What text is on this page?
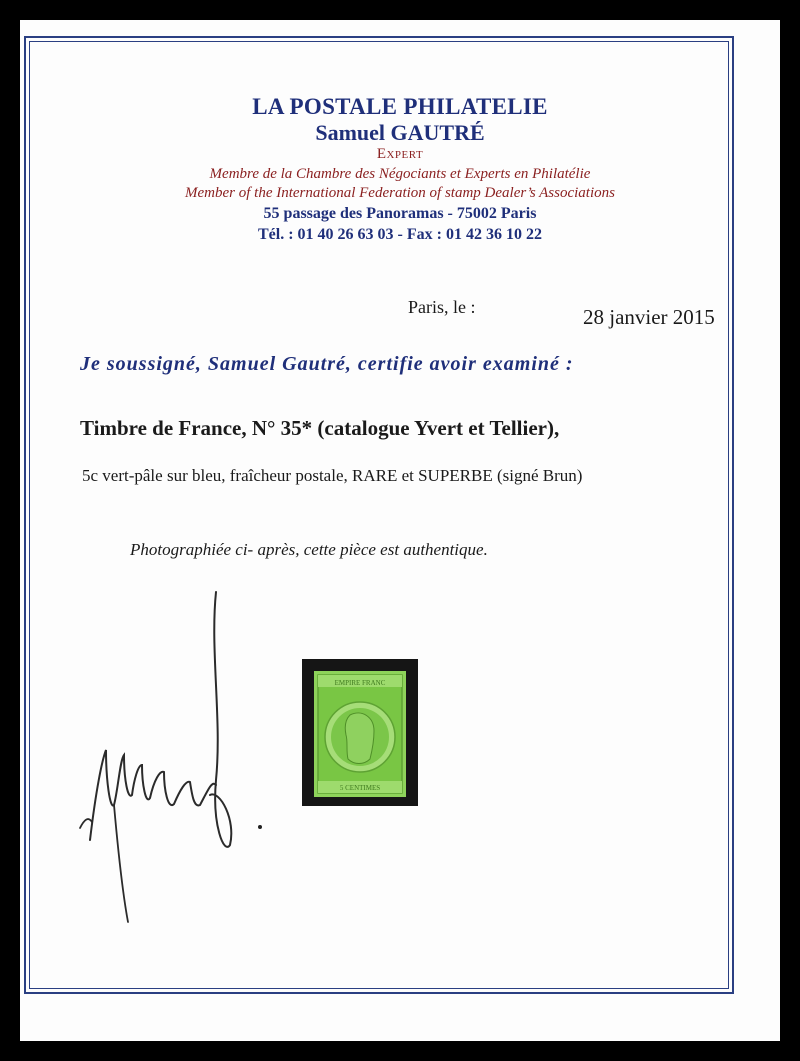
LA POSTALE PHILATELIE
Samuel GAUTRÉ
Expert
Membre de la Chambre des Négociants et Experts en Philatélie
Member of the International Federation of stamp Dealer’s Associations
55 passage des Panoramas - 75002 Paris
Tél. : 01 40 26 63 03 - Fax : 01 42 36 10 22
Paris, le :	28 janvier 2015
Je soussigné, Samuel Gautré, certifie avoir examiné :
Timbre de France, N° 35* (catalogue Yvert et Tellier),
5c vert-pâle sur bleu, fraîcheur postale, RARE et SUPERBE (signé Brun)
Photographiée ci- après, cette pièce est authentique.
EMPIRE FRANC
5 CENTIMES
